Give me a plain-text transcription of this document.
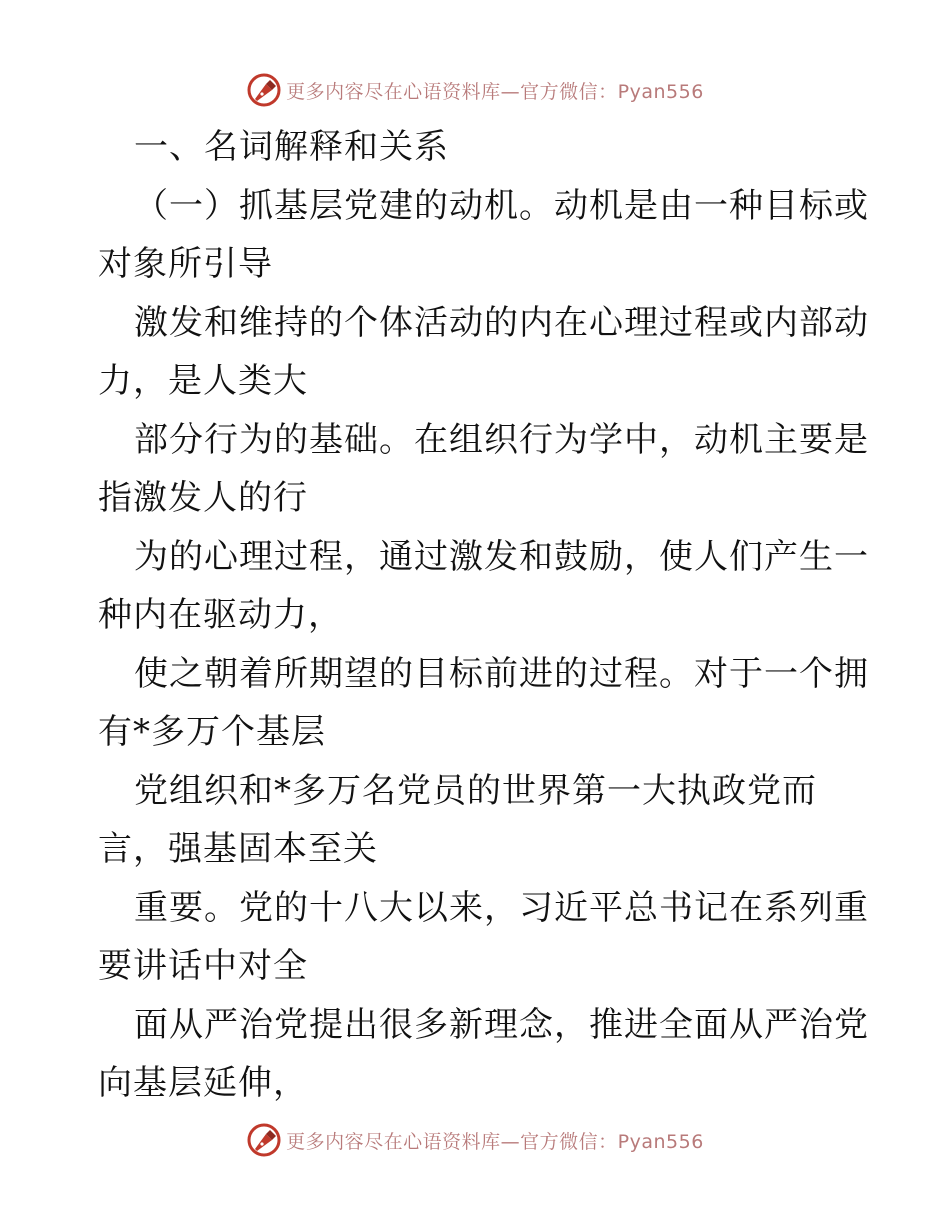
更多内容尽在心语资料库—官方微信：Pyan556
一、名词解释和关系
（一）抓基层党建的动机。动机是由一种目标或
对象所引导
激发和维持的个体活动的内在心理过程或内部动
力，是人类大
部分行为的基础。在组织行为学中，动机主要是
指激发人的行
为的心理过程，通过激发和鼓励，使人们产生一
种内在驱动力，
使之朝着所期望的目标前进的过程。对于一个拥
有*多万个基层
党组织和*多万名党员的世界第一大执政党而
言，强基固本至关
重要。党的十八大以来，习近平总书记在系列重
要讲话中对全
面从严治党提出很多新理念，推进全面从严治党
向基层延伸，
更多内容尽在心语资料库—官方微信：Pyan556
